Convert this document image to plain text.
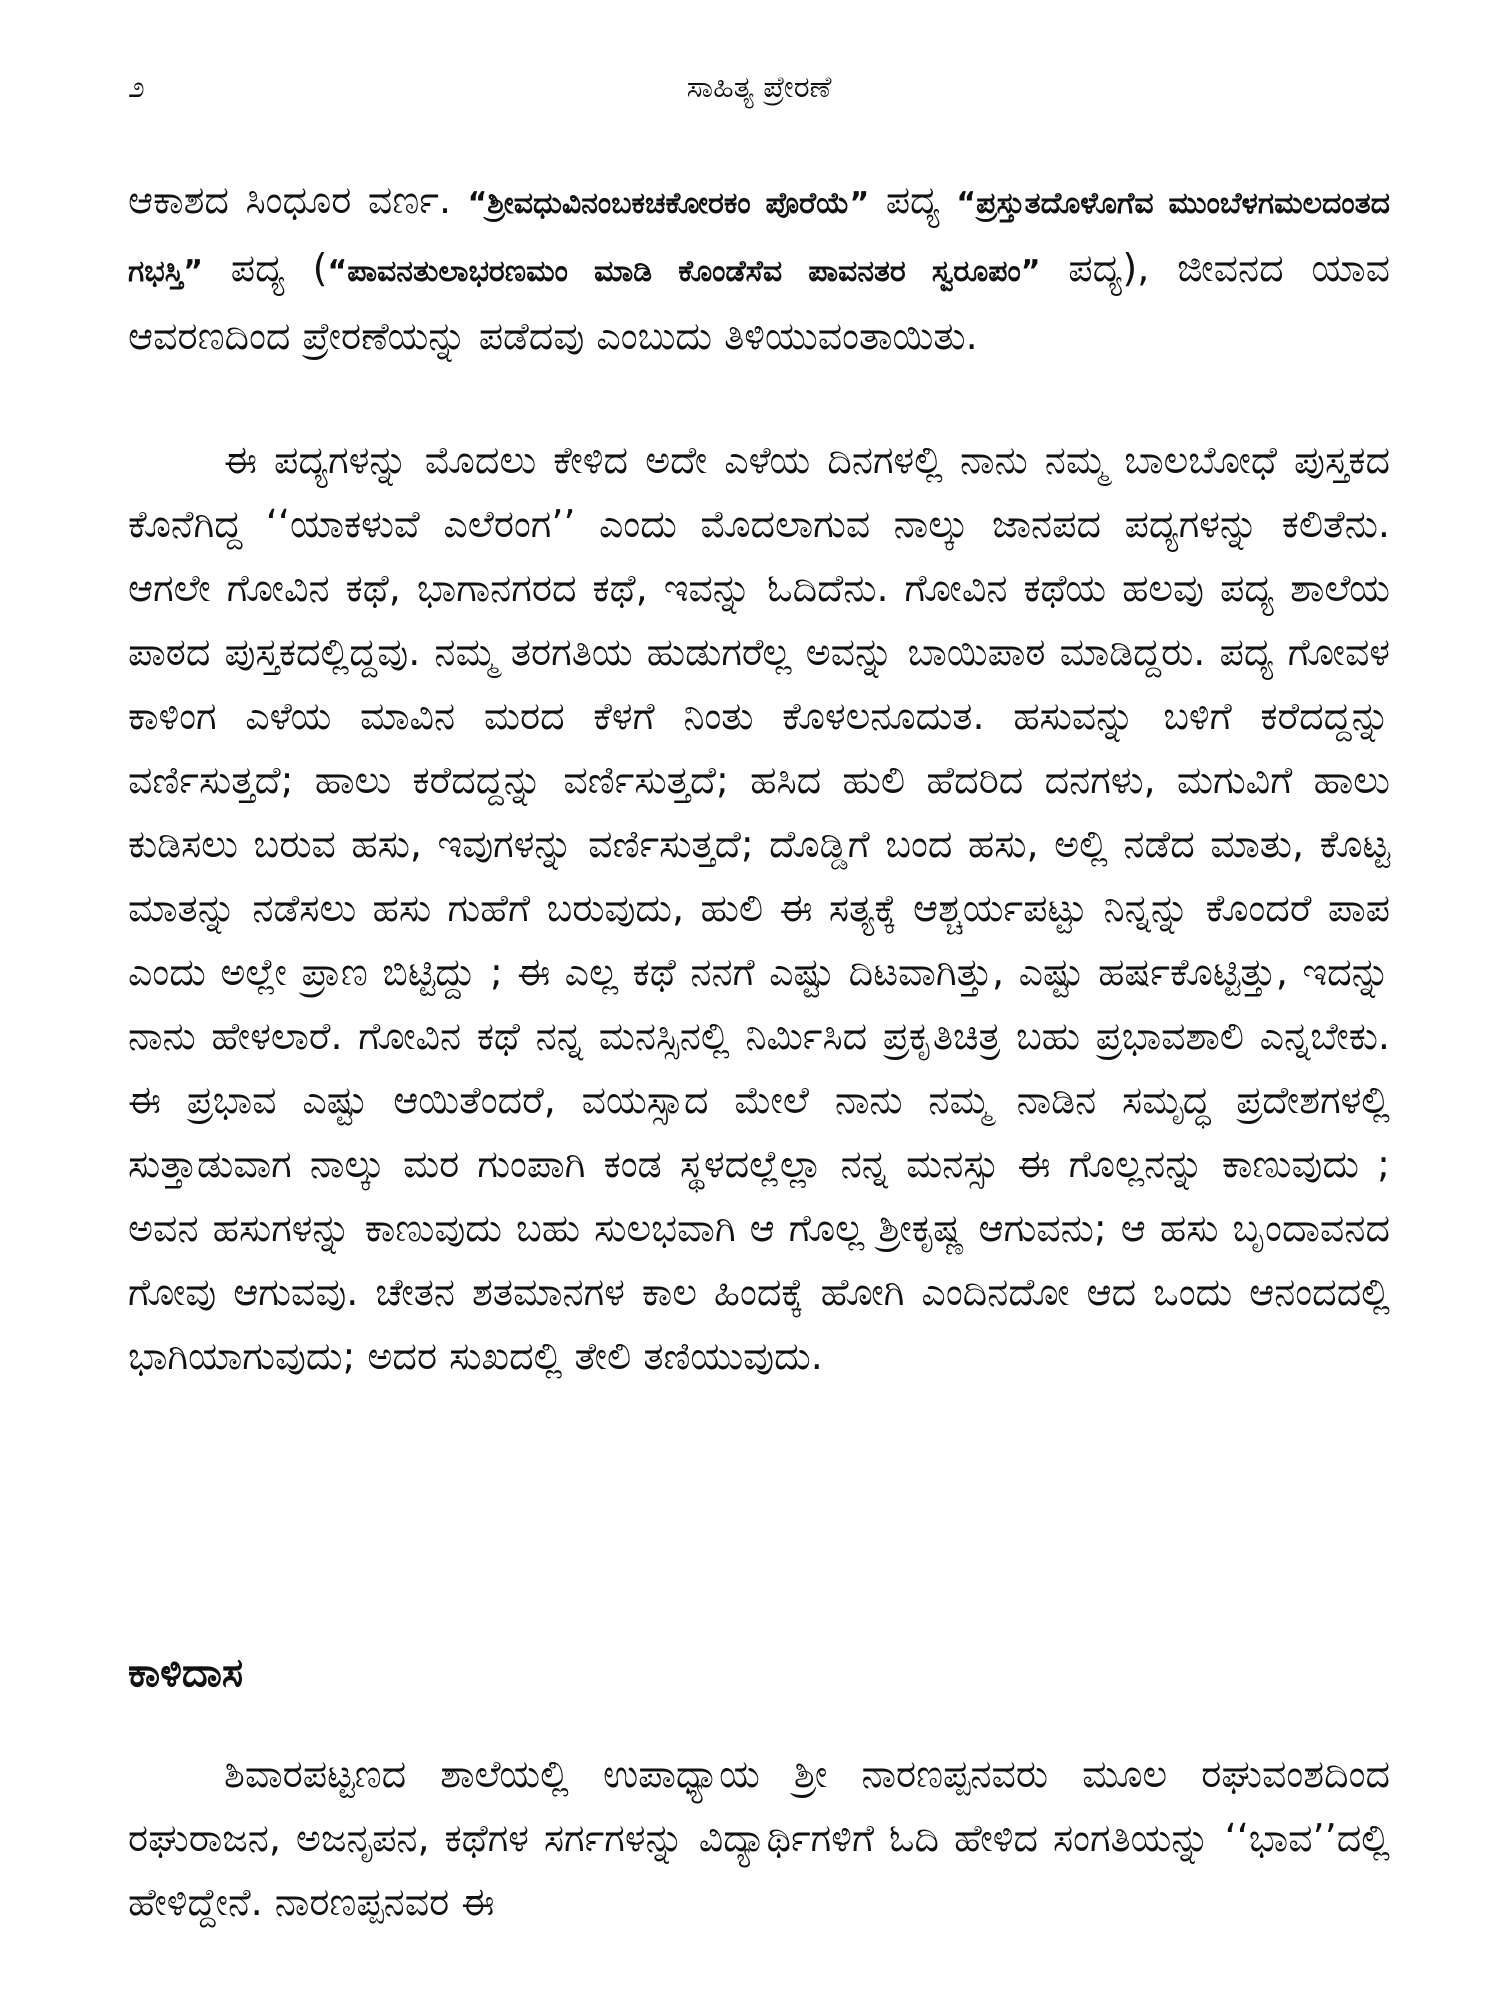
೨	ಸಾಹಿತ್ಯ ಪ್ರೇರಣೆ

ಆಕಾಶದ ಸಿಂಧೂರ ವರ್ಣ. “ಶ್ರೀವಧುವಿನಂಬಕಚಕೋರಕಂ ಪೊರೆಯೆ” ಪದ್ಯ “ಪ್ರಸ್ತುತದೊಳೊಗೆವ ಮುಂಬೆಳಗಮಲದಂತದ ಗಭಸ್ತಿ” ಪದ್ಯ (“ಪಾವನತುಲಾಭರಣಮಂ ಮಾಡಿ ಕೊಂಡೆಸೆವ ಪಾವನತರ ಸ್ವರೂಪಂ” ಪದ್ಯ), ಜೀವನದ ಯಾವ ಆವರಣದಿಂದ ಪ್ರೇರಣೆಯನ್ನು ಪಡೆದವು ಎಂಬುದು ತಿಳಿಯುವಂತಾಯಿತು.

ಈ ಪದ್ಯಗಳನ್ನು ಮೊದಲು ಕೇಳಿದ ಅದೇ ಎಳೆಯ ದಿನಗಳಲ್ಲಿ ನಾನು ನಮ್ಮ ಬಾಲಬೋಧೆ ಪುಸ್ತಕದ ಕೊನೆಗಿದ್ದ ‘‘ಯಾಕಳುವೆ ಎಲೆರಂಗ’’ ಎಂದು ಮೊದಲಾಗುವ ನಾಲ್ಕು ಜಾನಪದ ಪದ್ಯಗಳನ್ನು ಕಲಿತೆನು. ಆಗಲೇ ಗೋವಿನ ಕಥೆ, ಭಾಗಾನಗರದ ಕಥೆ, ಇವನ್ನು ಓದಿದೆನು. ಗೋವಿನ ಕಥೆಯ ಹಲವು ಪದ್ಯ ಶಾಲೆಯ ಪಾಠದ ಪುಸ್ತಕದಲ್ಲಿದ್ದವು. ನಮ್ಮ ತರಗತಿಯ ಹುಡುಗರೆಲ್ಲ ಅವನ್ನು ಬಾಯಿಪಾಠ ಮಾಡಿದ್ದರು. ಪದ್ಯ ಗೋವಳ ಕಾಳಿಂಗ ಎಳೆಯ ಮಾವಿನ ಮರದ ಕೆಳಗೆ ನಿಂತು ಕೊಳಲನೂದುತ. ಹಸುವನ್ನು ಬಳಿಗೆ ಕರೆದದ್ದನ್ನು ವರ್ಣಿಸುತ್ತದೆ; ಹಾಲು ಕರೆದದ್ದನ್ನು ವರ್ಣಿಸುತ್ತದೆ; ಹಸಿದ ಹುಲಿ ಹೆದರಿದ ದನಗಳು, ಮಗುವಿಗೆ ಹಾಲು ಕುಡಿಸಲು ಬರುವ ಹಸು, ಇವುಗಳನ್ನು ವರ್ಣಿಸುತ್ತದೆ; ದೊಡ್ಡಿಗೆ ಬಂದ ಹಸು, ಅಲ್ಲಿ ನಡೆದ ಮಾತು, ಕೊಟ್ಟ ಮಾತನ್ನು ನಡೆಸಲು ಹಸು ಗುಹೆಗೆ ಬರುವುದು, ಹುಲಿ ಈ ಸತ್ಯಕ್ಕೆ ಆಶ್ಚರ್ಯಪಟ್ಟು ನಿನ್ನನ್ನು ಕೊಂದರೆ ಪಾಪ ಎಂದು ಅಲ್ಲೇ ಪ್ರಾಣ ಬಿಟ್ಟಿದ್ದು ; ಈ ಎಲ್ಲ ಕಥೆ ನನಗೆ ಎಷ್ಟು ದಿಟವಾಗಿತ್ತು, ಎಷ್ಟು ಹರ್ಷಕೊಟ್ಟಿತ್ತು, ಇದನ್ನು ನಾನು ಹೇಳಲಾರೆ. ಗೋವಿನ ಕಥೆ ನನ್ನ ಮನಸ್ಸಿನಲ್ಲಿ ನಿರ್ಮಿಸಿದ ಪ್ರಕೃತಿಚಿತ್ರ ಬಹು ಪ್ರಭಾವಶಾಲಿ ಎನ್ನಬೇಕು. ಈ ಪ್ರಭಾವ ಎಷ್ಟು ಆಯಿತೆಂದರೆ, ವಯಸ್ಸಾದ ಮೇಲೆ ನಾನು ನಮ್ಮ ನಾಡಿನ ಸಮೃದ್ಧ ಪ್ರದೇಶಗಳಲ್ಲಿ ಸುತ್ತಾಡುವಾಗ ನಾಲ್ಕು ಮರ ಗುಂಪಾಗಿ ಕಂಡ ಸ್ಥಳದಲ್ಲೆಲ್ಲಾ ನನ್ನ ಮನಸ್ಸು ಈ ಗೊಲ್ಲನನ್ನು ಕಾಣುವುದು ; ಅವನ ಹಸುಗಳನ್ನು ಕಾಣುವುದು ಬಹು ಸುಲಭವಾಗಿ ಆ ಗೊಲ್ಲ ಶ್ರೀಕೃಷ್ಣ ಆಗುವನು; ಆ ಹಸು ಬೃಂದಾವನದ ಗೋವು ಆಗುವವು. ಚೇತನ ಶತಮಾನಗಳ ಕಾಲ ಹಿಂದಕ್ಕೆ ಹೋಗಿ ಎಂದಿನದೋ ಆದ ಒಂದು ಆನಂದದಲ್ಲಿ ಭಾಗಿಯಾಗುವುದು; ಅದರ ಸುಖದಲ್ಲಿ ತೇಲಿ ತಣಿಯುವುದು.

ಕಾಳಿದಾಸ

ಶಿವಾರಪಟ್ಟಣದ ಶಾಲೆಯಲ್ಲಿ ಉಪಾಧ್ಯಾಯ ಶ್ರೀ ನಾರಣಪ್ಪನವರು ಮೂಲ ರಘುವಂಶದಿಂದ ರಘುರಾಜನ, ಅಜನೃಪನ, ಕಥೆಗಳ ಸರ್ಗಗಳನ್ನು ವಿದ್ಯಾರ್ಥಿಗಳಿಗೆ ಓದಿ ಹೇಳಿದ ಸಂಗತಿಯನ್ನು ‘‘ಭಾವ’’ದಲ್ಲಿ ಹೇಳಿದ್ದೇನೆ. ನಾರಣಪ್ಪನವರ ಈ
